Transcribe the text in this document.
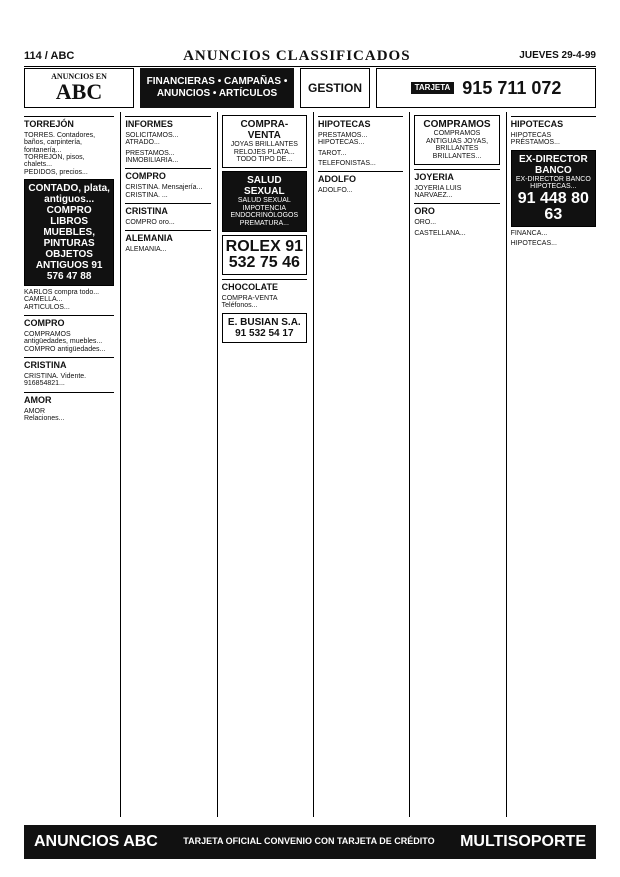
114 / ABC	ANUNCIOS CLASSIFICADOS	JUEVES 29-4-99
ANUNCIOS EN
ABC	FINANCIERAS • CAMPAÑAS • ANUNCIOS • ARTÍCULOS	GESTION	TARJETA 915 711 072
TORREJÓN
TORRES. Contadores, baños, carpintería, fontanería...
TORREJÓN, pisos, chalets...
PEDIDOS, precios...

CONTADO, plata, antiguos... COMPRO LIBROS MUEBLES, PINTURAS OBJETOS ANTIGUOS 91 576 47 88
KARLOS compra todo...
CAMELLA...
ARTICULOS...

COMPRO
COMPRAMOS antigüedades, muebles...
COMPRO antigüedades...

CRISTINA
CRISTINA. Vidente.
916854821...

AMOR
AMOR
Relaciones...

INFORMES
SOLICITAMOS...
ATRADO...

PRESTAMOS...
INMOBILIARIA...

COMPRO
CRISTINA. Mensajería...
CRISTINA. ...

CRISTINA
COMPRO oro...

ALEMANIA
ALEMANIA...

COMPRA-VENTA
JOYAS BRILLANTES RELOJES PLATA... TODO TIPO DE...
SALUD SEXUAL
SALUD SEXUAL IMPOTENCIA ENDOCRINÓLOGOS PREMATURA...
ROLEX 91 532 75 46
CHOCOLATE
COMPRA-VENTA
Teléfonos...

E. BUSIAN S.A. 91 532 54 17
HIPOTECAS
PRESTAMOS...
HIPOTECAS...

TAROT...

TELEFONISTAS...

ADOLFO
ADOLFO...

COMPRAMOS
COMPRAMOS ANTIGUAS JOYAS, BRILLANTES BRILLANTES...
JOYERIA
JOYERIA LUIS NARVAEZ...

ORO
ORO...

CASTELLANA...

HIPOTECAS
HIPOTECAS
PRÉSTAMOS...

EX-DIRECTOR BANCO
EX-DIRECTOR BANCO HIPOTECAS...
91 448 80 63
FINANCA...

HIPOTECAS...

ANUNCIOS ABC	TARJETA OFICIAL CONVENIO CON TARJETA DE CRÉDITO MULTISOPORTE
